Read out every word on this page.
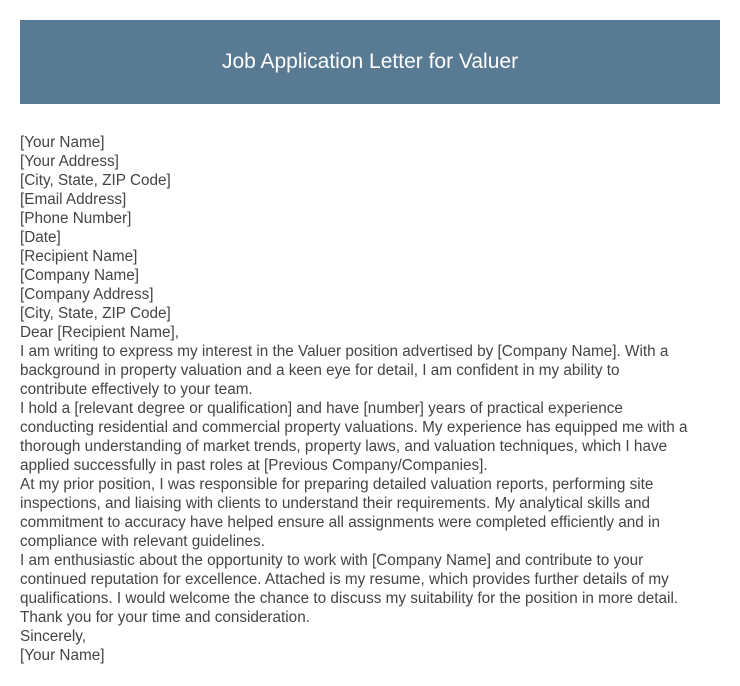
Job Application Letter for Valuer
[Your Name]
[Your Address]
[City, State, ZIP Code]
[Email Address]
[Phone Number]
[Date]
[Recipient Name]
[Company Name]
[Company Address]
[City, State, ZIP Code]
Dear [Recipient Name],

I am writing to express my interest in the Valuer position advertised by [Company Name]. With a
background in property valuation and a keen eye for detail, I am confident in my ability to
contribute effectively to your team.

I hold a [relevant degree or qualification] and have [number] years of practical experience
conducting residential and commercial property valuations. My experience has equipped me with a
thorough understanding of market trends, property laws, and valuation techniques, which I have
applied successfully in past roles at [Previous Company/Companies].

At my prior position, I was responsible for preparing detailed valuation reports, performing site
inspections, and liaising with clients to understand their requirements. My analytical skills and
commitment to accuracy have helped ensure all assignments were completed efficiently and in
compliance with relevant guidelines.

I am enthusiastic about the opportunity to work with [Company Name] and contribute to your
continued reputation for excellence. Attached is my resume, which provides further details of my
qualifications. I would welcome the chance to discuss my suitability for the position in more detail.

Thank you for your time and consideration.

Sincerely,
[Your Name]
